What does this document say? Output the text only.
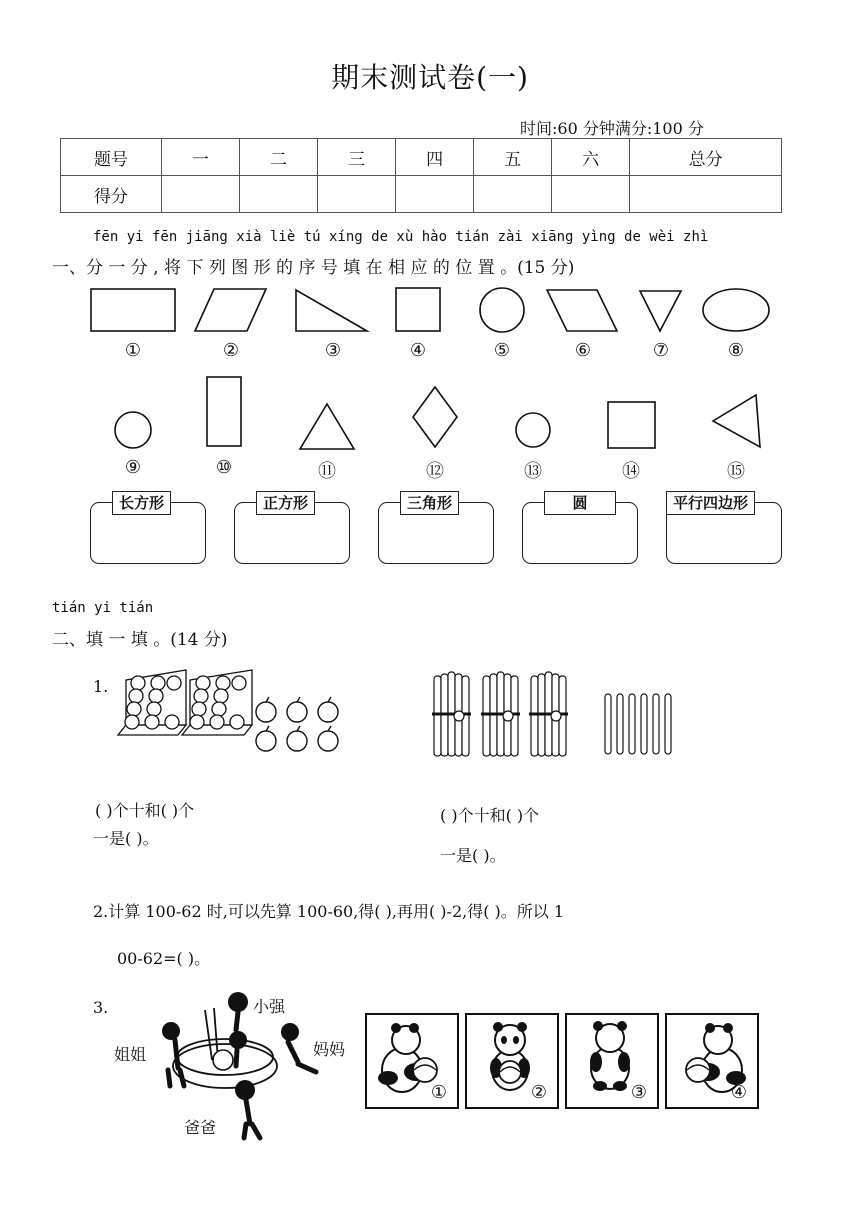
期末测试卷(一)
时间:60 分钟满分:100 分
题号	一	二	三	四	五	六	总分
得分							
fēn yi fēn jiāng xià liè tú xíng de xù hào tián zài xiāng yìng de wèi zhì
一、分 一 分 , 将 下 列 图 形 的 序 号 填 在 相 应 的 位 置 。(15 分)
①	②	③	④	⑤	⑥	⑦	⑧
⑨	⑩	⑪	⑫	⑬	⑭	⑮
长方形	正方形	三角形	圆	平行四边形
tián yi tián
二、填 一 填 。(14 分)
1.
( )个十和( )个
一是( )。
( )个十和( )个
一是( )。
2.计算 100-62 时,可以先算 100-60,得( ),再用( )-2,得( )。所以 1
00-62=( )。
3.	小强
姐姐	妈妈
爸爸
①	②	③	④
